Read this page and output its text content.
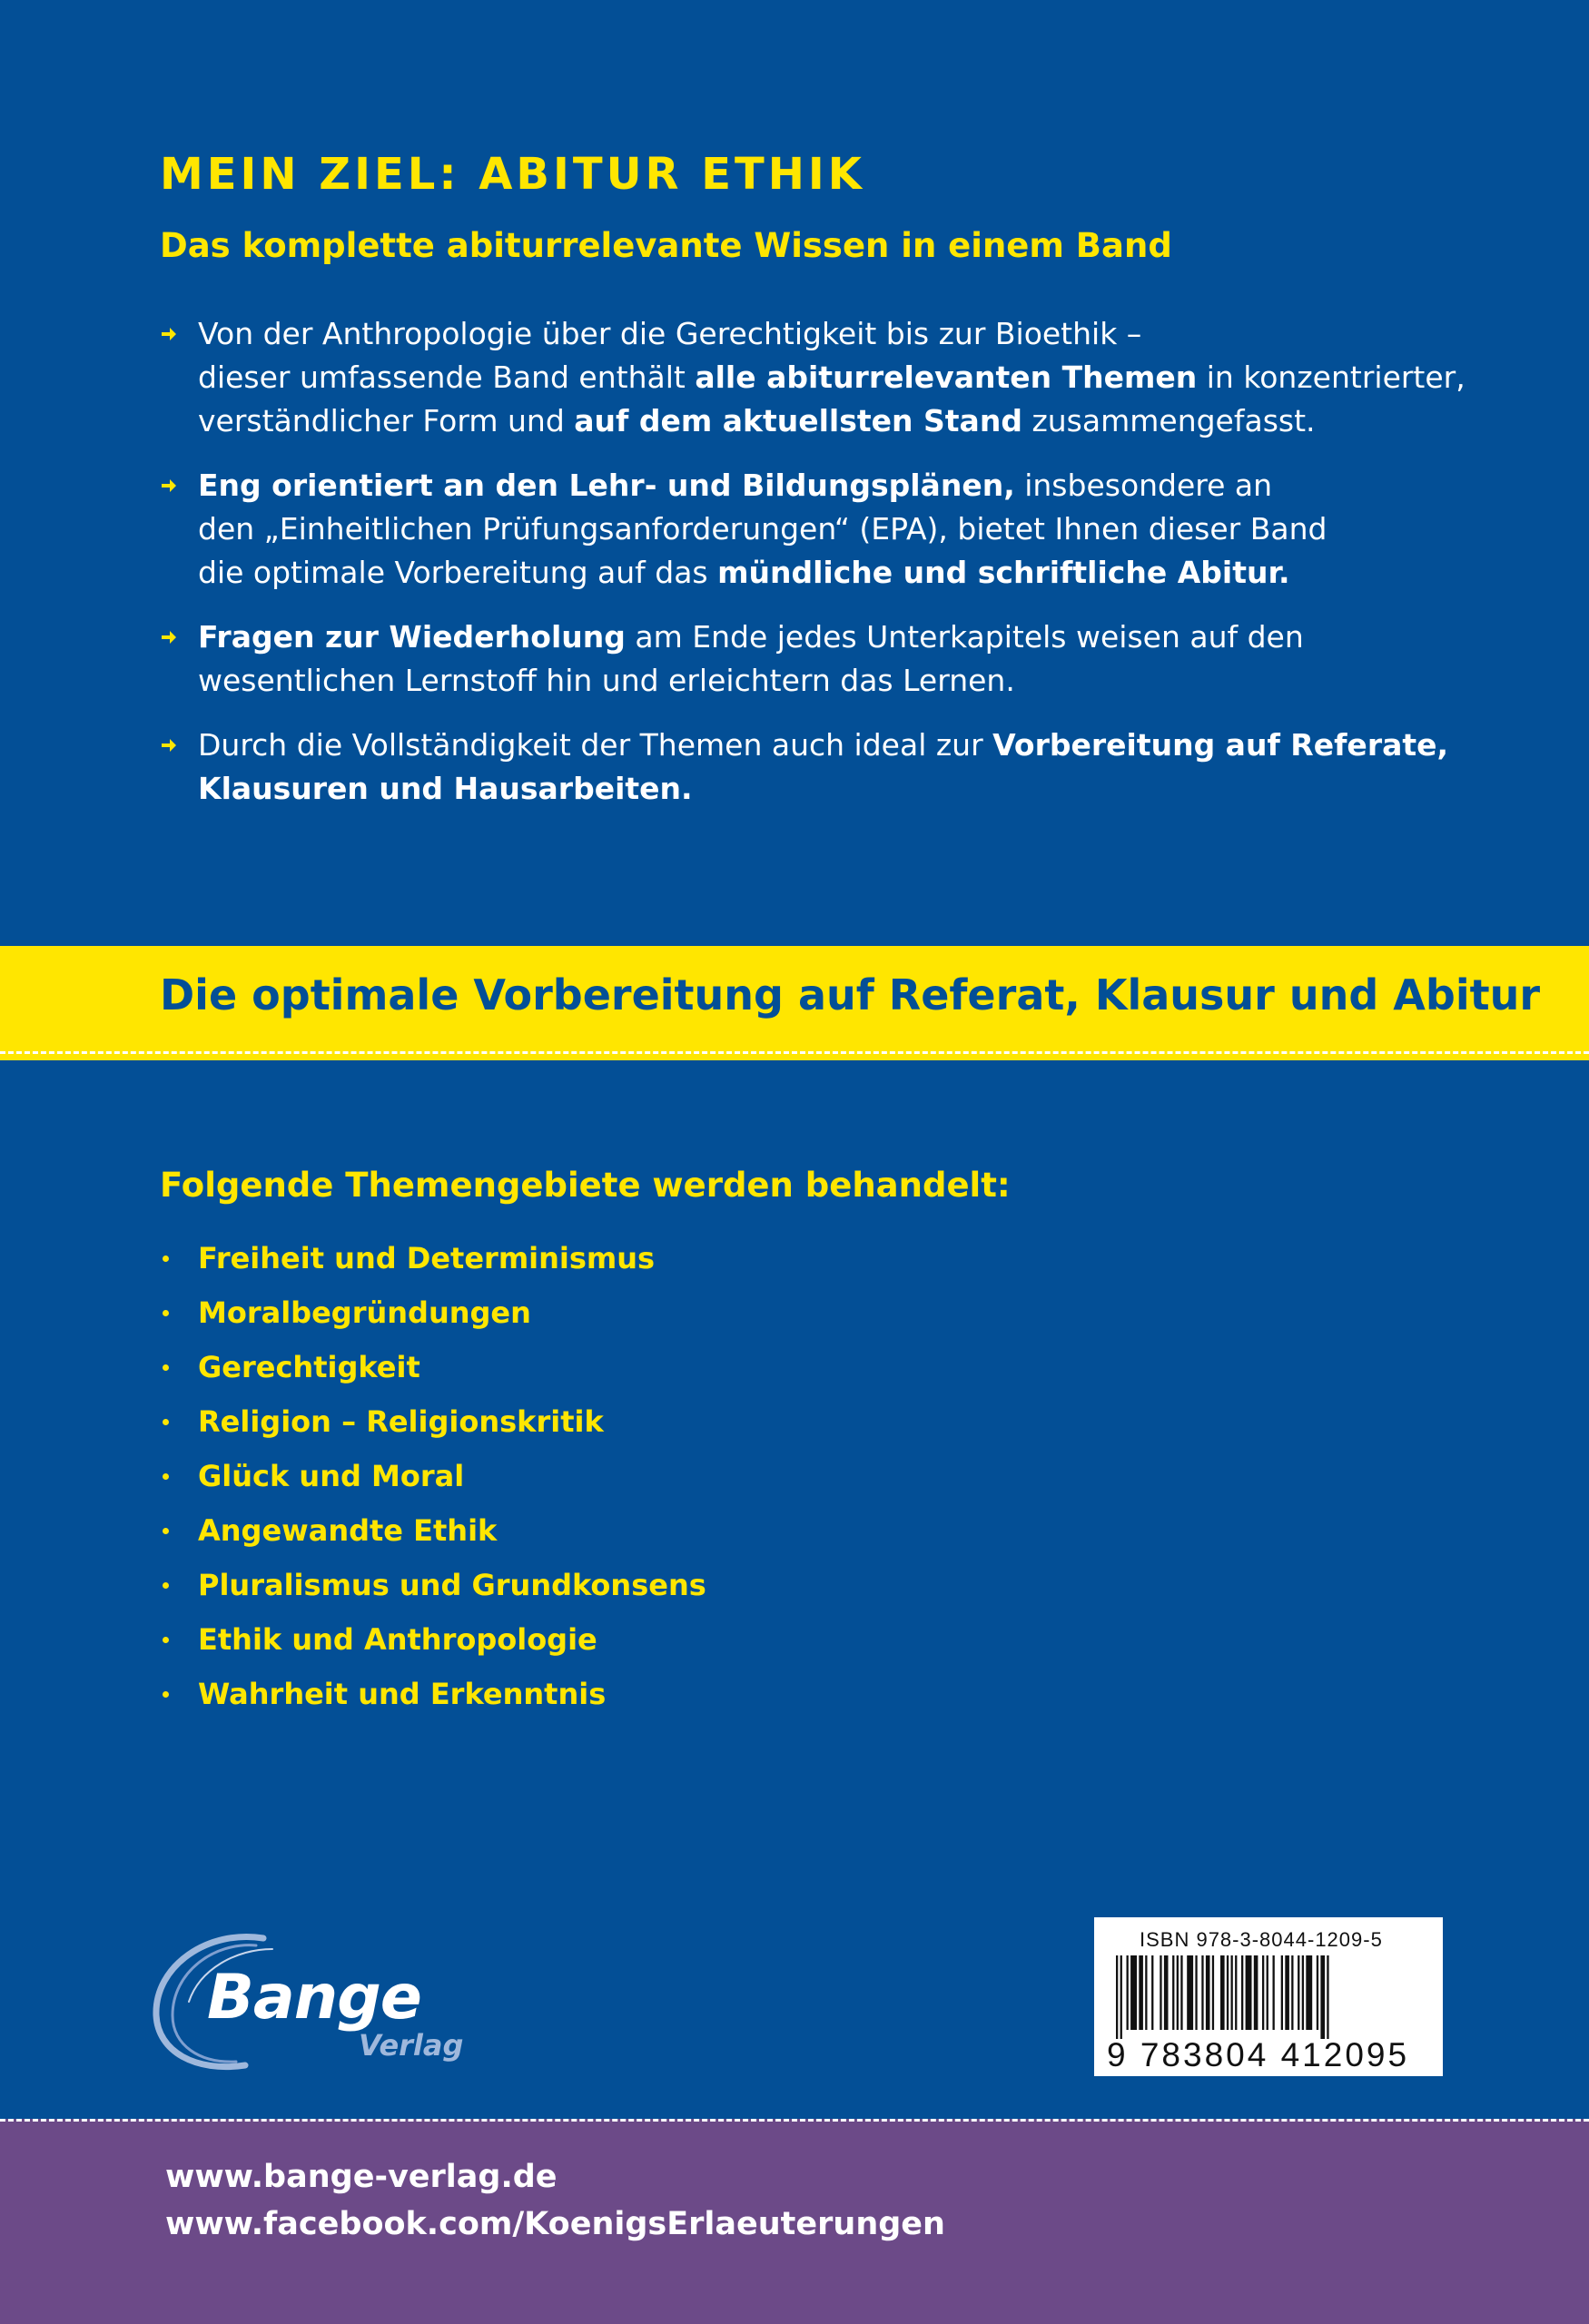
MEIN ZIEL: ABITUR ETHIK
Das komplette abiturrelevante Wissen in einem Band
Von der Anthropologie über die Gerechtigkeit bis zur Bioethik –
dieser umfassende Band enthält alle abiturrelevanten Themen in konzentrierter,
verständlicher Form und auf dem aktuellsten Stand zusammengefasst.
Eng orientiert an den Lehr- und Bildungsplänen, insbesondere an
den „Einheitlichen Prüfungsanforderungen“ (EPA), bietet Ihnen dieser Band
die optimale Vorbereitung auf das mündliche und schriftliche Abitur.
Fragen zur Wiederholung am Ende jedes Unterkapitels weisen auf den
wesentlichen Lernstoff hin und erleichtern das Lernen.
Durch die Vollständigkeit der Themen auch ideal zur Vorbereitung auf Referate,
Klausuren und Hausarbeiten.
Die optimale Vorbereitung auf Referat, Klausur und Abitur
Folgende Themengebiete werden behandelt:
Freiheit und Determinismus
Moralbegründungen
Gerechtigkeit
Religion – Religionskritik
Glück und Moral
Angewandte Ethik
Pluralismus und Grundkonsens
Ethik und Anthropologie
Wahrheit und Erkenntnis
Bange
Verlag
ISBN 978-3-8044-1209-5
9 783804 412095
www.bange-verlag.de
www.facebook.com/KoenigsErlaeuterungen
